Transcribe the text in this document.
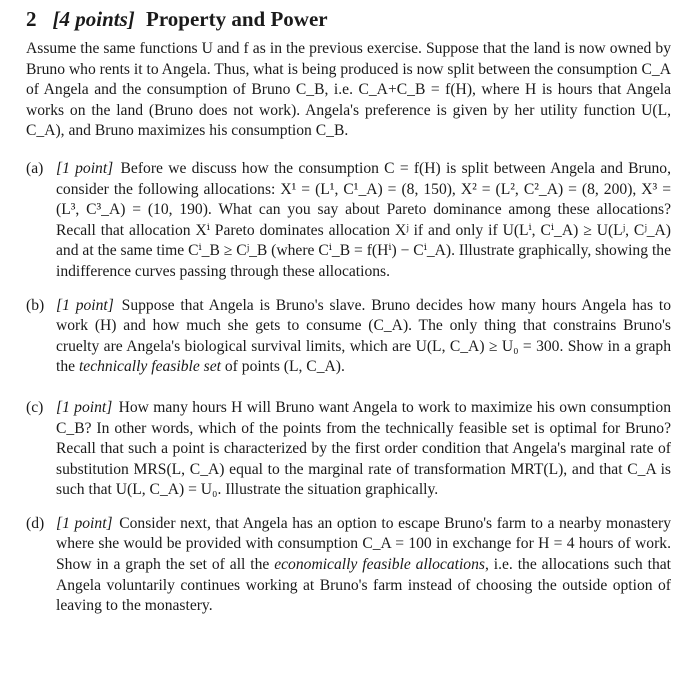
2 [4 points] Property and Power

Assume the same functions U and f as in the previous exercise. Suppose that the land is now owned by Bruno who rents it to Angela. Thus, what is being produced is now split between the consumption C_A of Angela and the consumption of Bruno C_B, i.e. C_A+C_B = f(H), where H is hours that Angela works on the land (Bruno does not work). Angela's preference is given by her utility function U(L, C_A), and Bruno maximizes his consumption C_B.

(a) [1 point] Before we discuss how the consumption C = f(H) is split between Angela and Bruno, consider the following allocations: X¹ = (L¹, C¹_A) = (8, 150), X² = (L², C²_A) = (8, 200), X³ = (L³, C³_A) = (10, 190). What can you say about Pareto dominance among these allocations? Recall that allocation Xⁱ Pareto dominates allocation Xʲ if and only if U(Lⁱ, Cⁱ_A) ≥ U(Lʲ, Cʲ_A) and at the same time Cⁱ_B ≥ Cʲ_B (where Cⁱ_B = f(Hⁱ) − Cⁱ_A). Illustrate graphically, showing the indifference curves passing through these allocations.

(b) [1 point] Suppose that Angela is Bruno's slave. Bruno decides how many hours Angela has to work (H) and how much she gets to consume (C_A). The only thing that constrains Bruno's cruelty are Angela's biological survival limits, which are U(L, C_A) ≥ U₀ = 300. Show in a graph the technically feasible set of points (L, C_A).

(c) [1 point] How many hours H will Bruno want Angela to work to maximize his own consumption C_B? In other words, which of the points from the technically feasible set is optimal for Bruno? Recall that such a point is characterized by the first order condition that Angela's marginal rate of substitution MRS(L, C_A) equal to the marginal rate of transformation MRT(L), and that C_A is such that U(L, C_A) = U₀. Illustrate the situation graphically.

(d) [1 point] Consider next, that Angela has an option to escape Bruno's farm to a nearby monastery where she would be provided with consumption C_A = 100 in exchange for H = 4 hours of work. Show in a graph the set of all the economically feasible allocations, i.e. the allocations such that Angela voluntarily continues working at Bruno's farm instead of choosing the outside option of leaving to the monastery.
